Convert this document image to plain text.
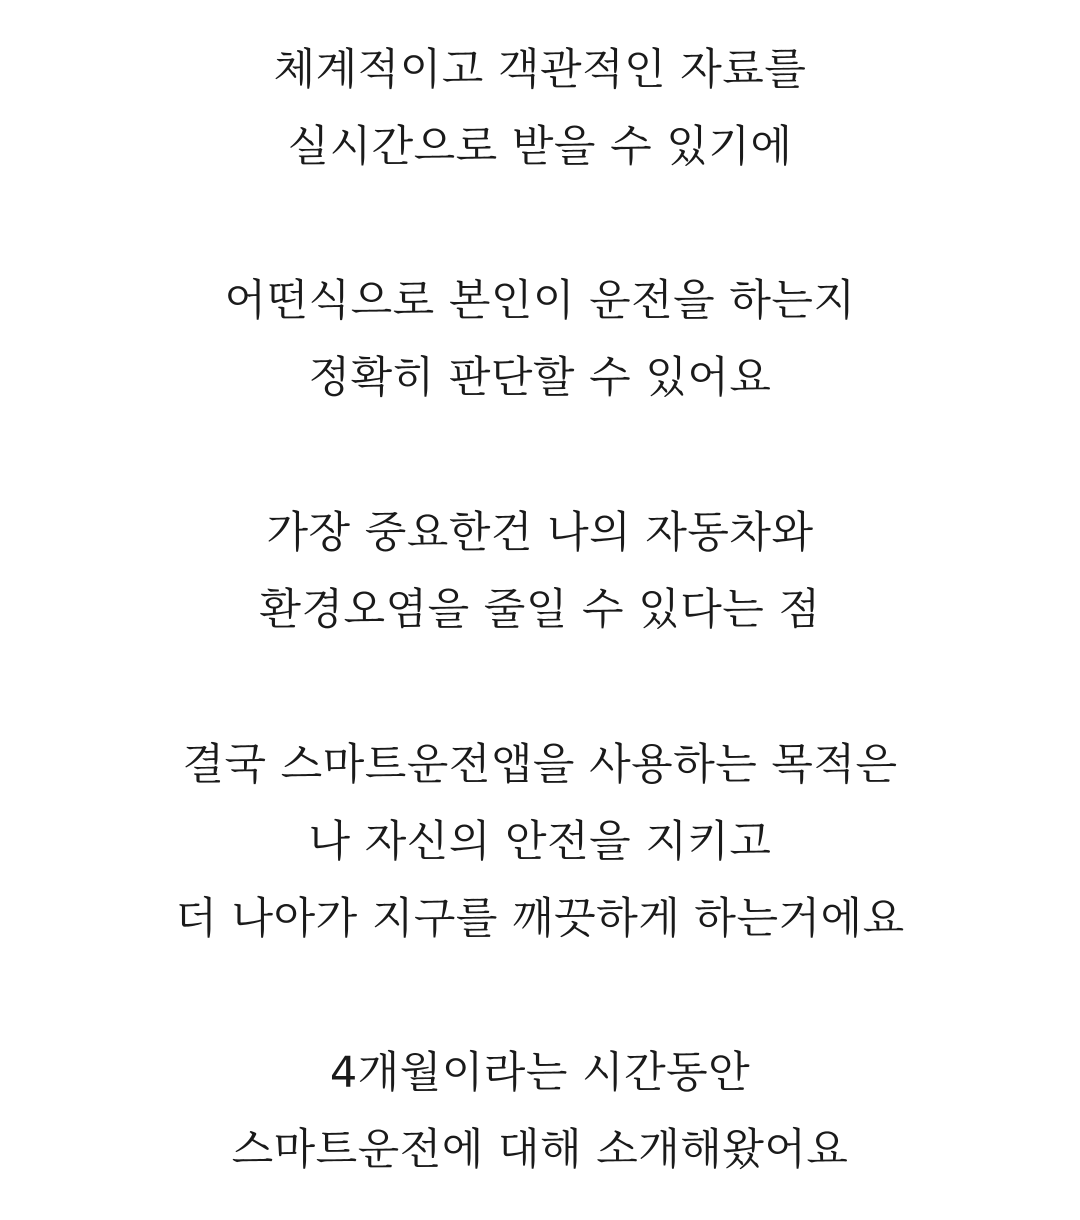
체계적이고 객관적인 자료를
실시간으로 받을 수 있기에
어떤식으로 본인이 운전을 하는지
정확히 판단할 수 있어요
가장 중요한건 나의 자동차와
환경오염을 줄일 수 있다는 점
결국 스마트운전앱을 사용하는 목적은
나 자신의 안전을 지키고
더 나아가 지구를 깨끗하게 하는거에요
4개월이라는 시간동안
스마트운전에 대해 소개해왔어요
